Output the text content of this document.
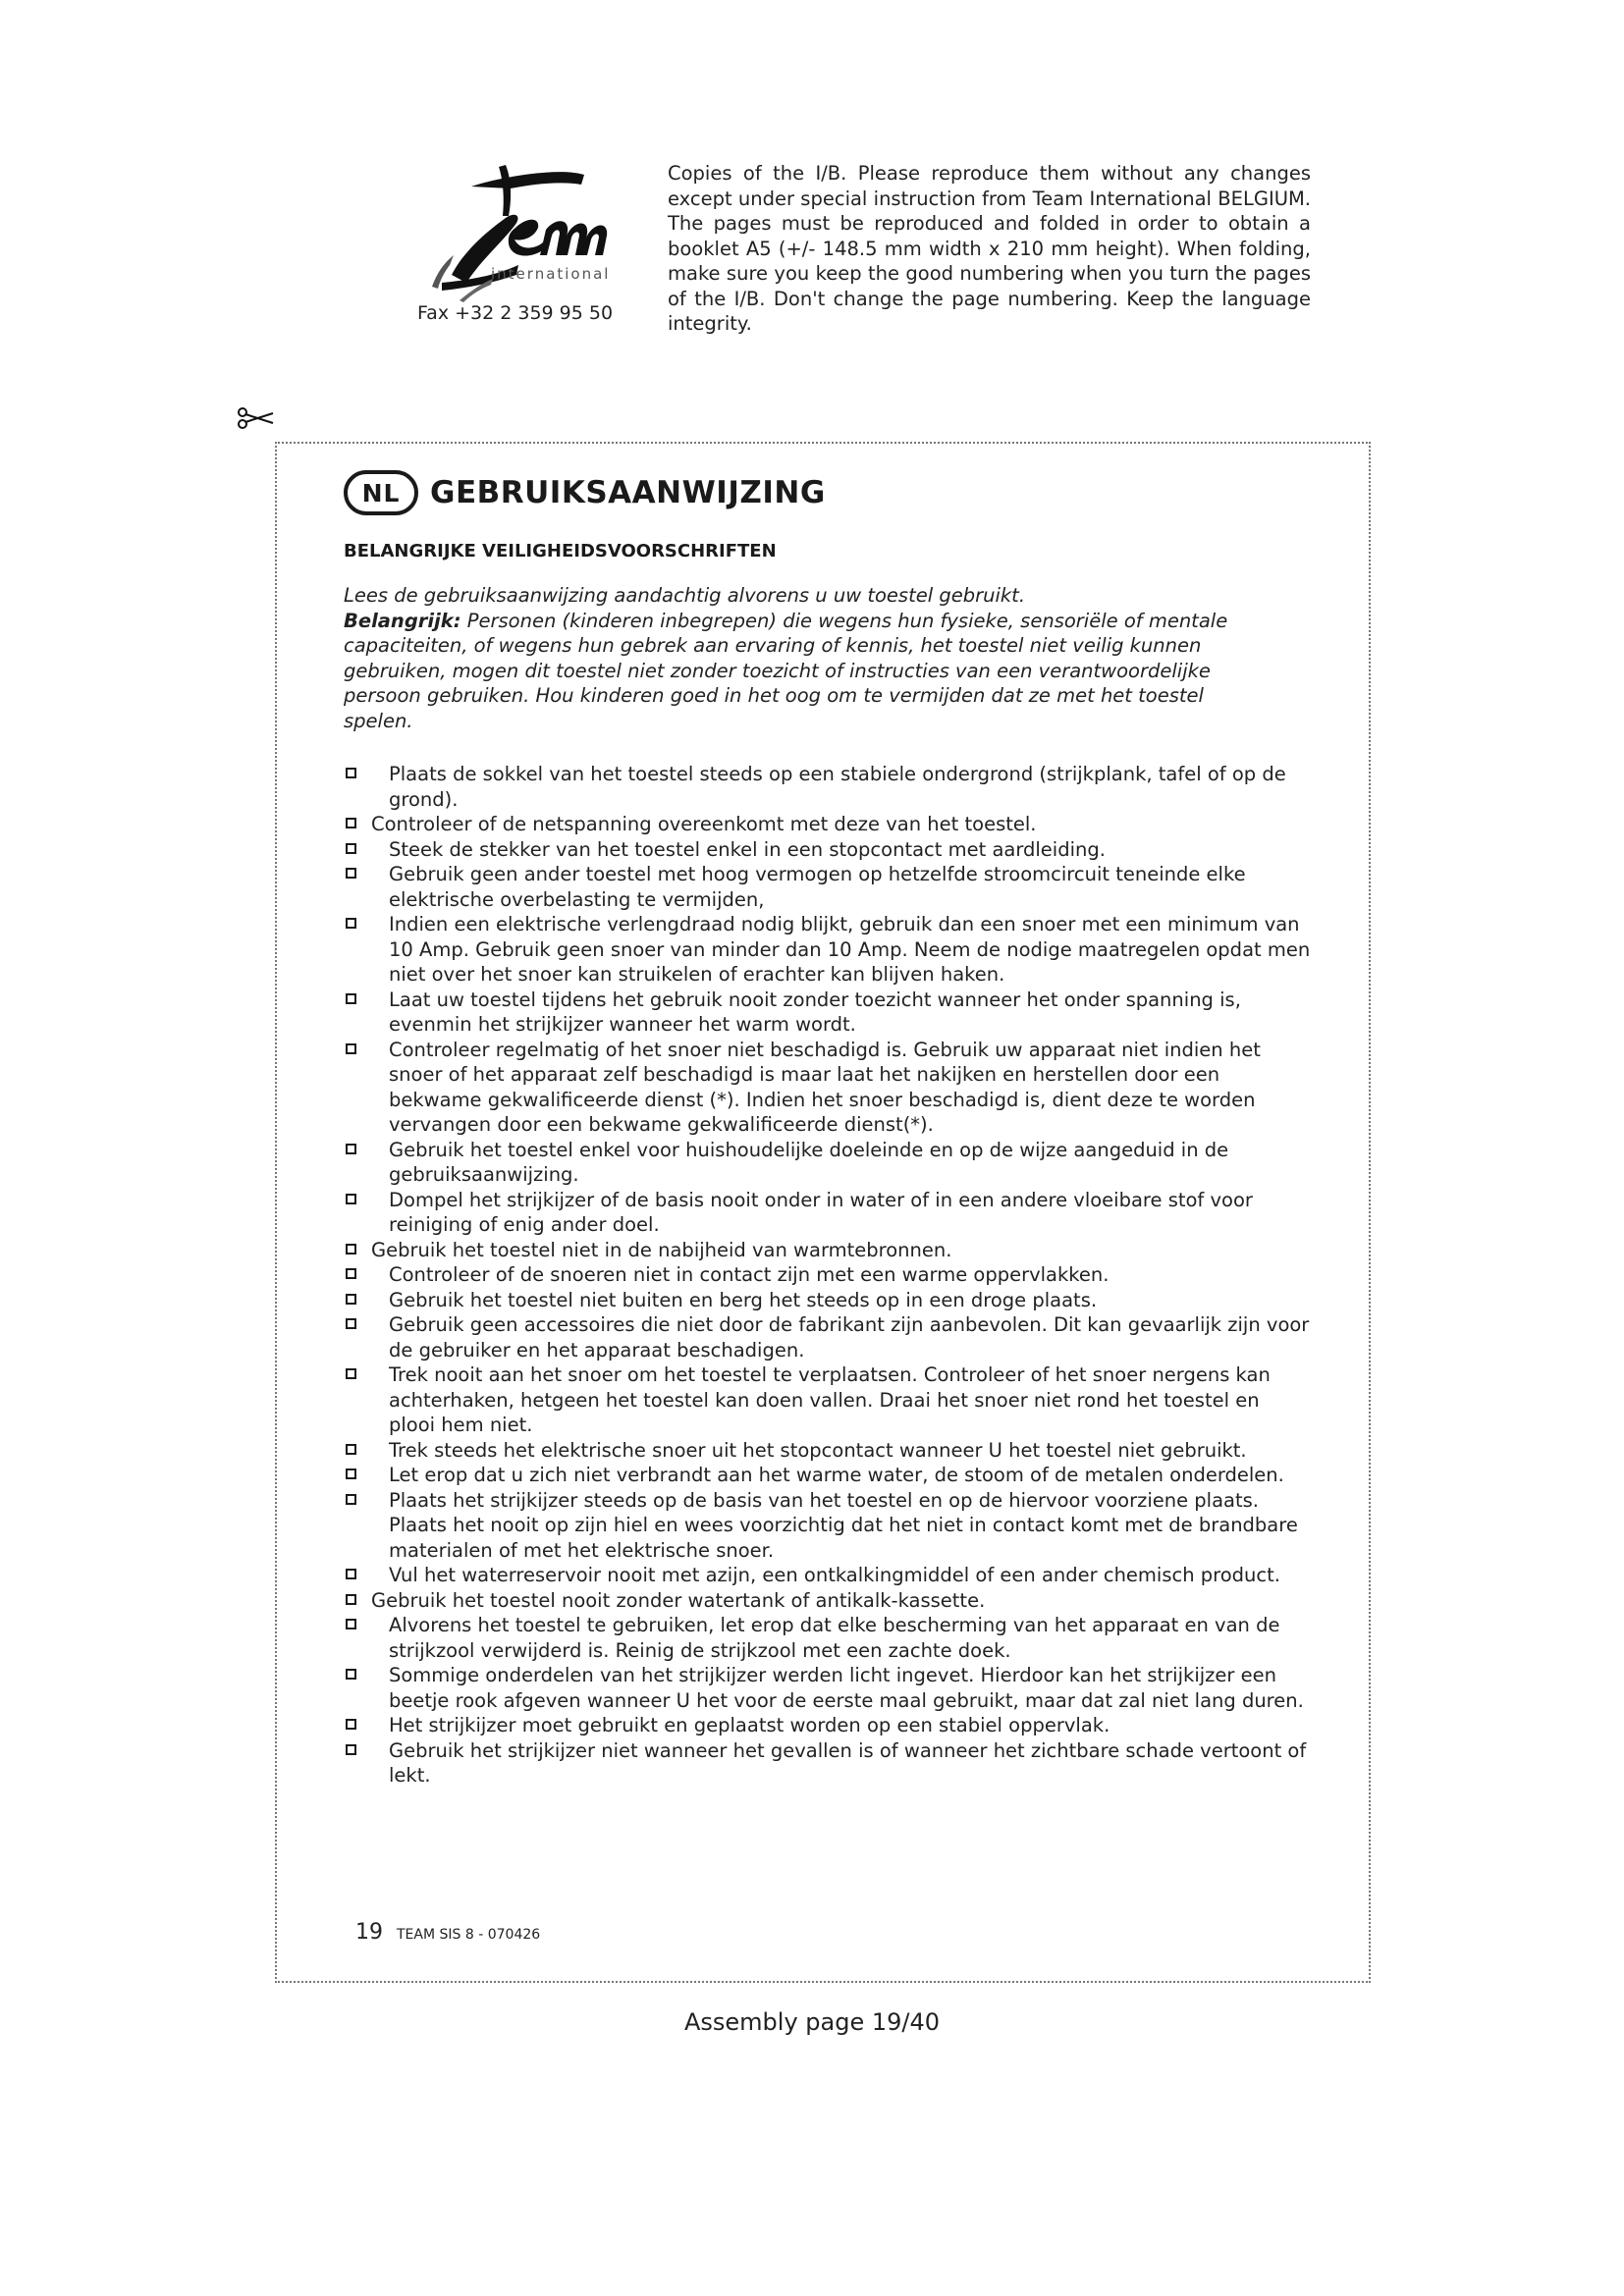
international
Fax +32 2 359 95 50
Copies of the I/B. Please reproduce them without any changes except under special instruction from Team International BELGIUM. The pages must be reproduced and folded in order to obtain a booklet A5 (+/- 148.5 mm width x 210 mm height). When folding, make sure you keep the good numbering when you turn the pages of the I/B. Don't change the page numbering. Keep the language integrity.
NL GEBRUIKSAANWIJZING
BELANGRIJKE VEILIGHEIDSVOORSCHRIFTEN

Lees de gebruiksaanwijzing aandachtig alvorens u uw toestel gebruikt.

Belangrijk: Personen (kinderen inbegrepen) die wegens hun fysieke, sensoriële of mentale capaciteiten, of wegens hun gebrek aan ervaring of kennis, het toestel niet veilig kunnen gebruiken, mogen dit toestel niet zonder toezicht of instructies van een verantwoordelijke persoon gebruiken. Hou kinderen goed in het oog om te vermijden dat ze met het toestel spelen.

Plaats de sokkel van het toestel steeds op een stabiele ondergrond (strijkplank, tafel of op de grond).
Controleer of de netspanning overeenkomt met deze van het toestel.
Steek de stekker van het toestel enkel in een stopcontact met aardleiding.
Gebruik geen ander toestel met hoog vermogen op hetzelfde stroomcircuit teneinde elke elektrische overbelasting te vermijden,
Indien een elektrische verlengdraad nodig blijkt, gebruik dan een snoer met een minimum van 10 Amp. Gebruik geen snoer van minder dan 10 Amp. Neem de nodige maatregelen opdat men niet over het snoer kan struikelen of erachter kan blijven haken.
Laat uw toestel tijdens het gebruik nooit zonder toezicht wanneer het onder spanning is, evenmin het strijkijzer wanneer het warm wordt.
Controleer regelmatig of het snoer niet beschadigd is. Gebruik uw apparaat niet indien het snoer of het apparaat zelf beschadigd is maar laat het nakijken en herstellen door een bekwame gekwalificeerde dienst (*). Indien het snoer beschadigd is, dient deze te worden vervangen door een bekwame gekwalificeerde dienst(*).
Gebruik het toestel enkel voor huishoudelijke doeleinde en op de wijze aangeduid in de gebruiksaanwijzing.
Dompel het strijkijzer of de basis nooit onder in water of in een andere vloeibare stof voor reiniging of enig ander doel.
Gebruik het toestel niet in de nabijheid van warmtebronnen.
Controleer of de snoeren niet in contact zijn met een warme oppervlakken.
Gebruik het toestel niet buiten en berg het steeds op in een droge plaats.
Gebruik geen accessoires die niet door de fabrikant zijn aanbevolen. Dit kan gevaarlijk zijn voor de gebruiker en het apparaat beschadigen.
Trek nooit aan het snoer om het toestel te verplaatsen. Controleer of het snoer nergens kan achterhaken, hetgeen het toestel kan doen vallen. Draai het snoer niet rond het toestel en plooi hem niet.
Trek steeds het elektrische snoer uit het stopcontact wanneer U het toestel niet gebruikt.
Let erop dat u zich niet verbrandt aan het warme water, de stoom of de metalen onderdelen.
Plaats het strijkijzer steeds op de basis van het toestel en op de hiervoor voorziene plaats. Plaats het nooit op zijn hiel en wees voorzichtig dat het niet in contact komt met de brandbare materialen of met het elektrische snoer.
Vul het waterreservoir nooit met azijn, een ontkalkingmiddel of een ander chemisch product.
Gebruik het toestel nooit zonder watertank of antikalk-kassette.
Alvorens het toestel te gebruiken, let erop dat elke bescherming van het apparaat en van de strijkzool verwijderd is. Reinig de strijkzool met een zachte doek.
Sommige onderdelen van het strijkijzer werden licht ingevet. Hierdoor kan het strijkijzer een beetje rook afgeven wanneer U het voor de eerste maal gebruikt, maar dat zal niet lang duren.
Het strijkijzer moet gebruikt en geplaatst worden op een stabiel oppervlak.
Gebruik het strijkijzer niet wanneer het gevallen is of wanneer het zichtbare schade vertoont of lekt.
19 TEAM SIS 8 - 070426
Assembly page 19/40
